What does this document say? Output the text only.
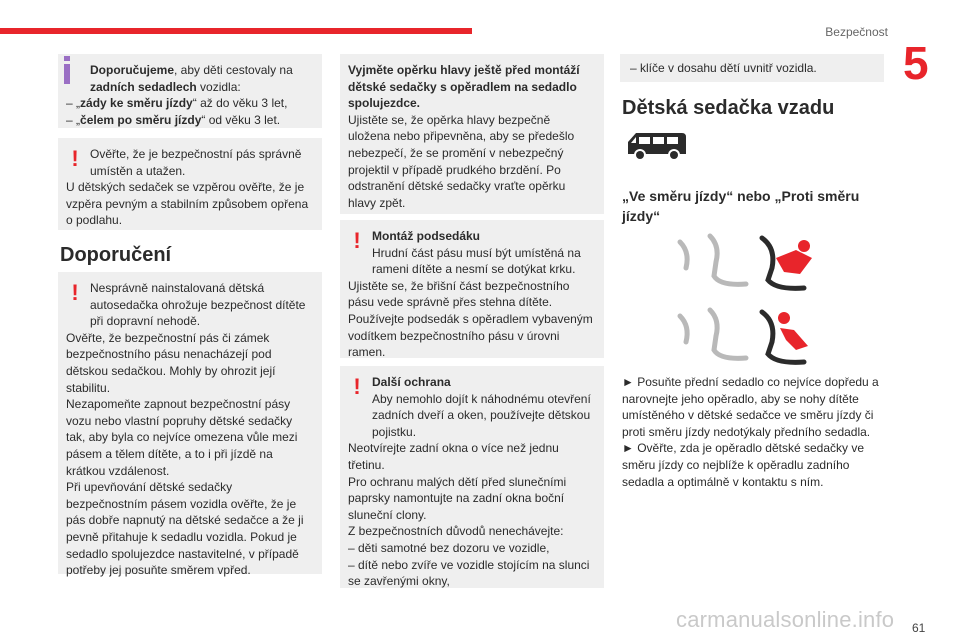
Bezpečnost
5
61
carmanualsonline.info

Doporučujeme, aby děti cestovaly na
zadních sedadlech vozidla:

– „zády ke směru jízdy“ až do věku 3 let,

– „čelem po směru jízdy“ od věku 3 let.

! Ověřte, že je bezpečnostní pás správně umístěn a utažen.

U dětských sedaček se vzpěrou ověřte, že je vzpěra pevným a stabilním způsobem opřena o podlahu.

Doporučení
! Nesprávně nainstalovaná dětská autosedačka ohrožuje bezpečnost dítěte při dopravní nehodě.

Ověřte, že bezpečnostní pás či zámek bezpečnostního pásu nenacházejí pod dětskou sedačkou. Mohly by ohrozit její stabilitu.

Nezapomeňte zapnout bezpečnostní pásy vozu nebo vlastní popruhy dětské sedačky tak, aby byla co nejvíce omezena vůle mezi pásem a tělem dítěte, a to i při jízdě na krátkou vzdálenost.

Při upevňování dětské sedačky bezpečnostním pásem vozidla ověřte, že je pás dobře napnutý na dětské sedačce a že ji pevně přitahuje k sedadlu vozidla. Pokud je sedadlo spolujezdce nastavitelné, v případě potřeby jej posuňte směrem vpřed.

Vyjměte opěrku hlavy ještě před montáží dětské sedačky s opěradlem na sedadlo spolujezdce.

Ujistěte se, že opěrka hlavy bezpečně uložena nebo připevněna, aby se předešlo nebezpečí, že se promění v nebezpečný projektil v případě prudkého brzdění. Po odstranění dětské sedačky vraťte opěrku hlavy zpět.

! Montáž podsedáku

Hrudní část pásu musí být umístěná na rameni dítěte a nesmí se dotýkat krku.

Ujistěte se, že břišní část bezpečnostního pásu vede správně přes stehna dítěte.

Používejte podsedák s opěradlem vybaveným vodítkem bezpečnostního pásu v úrovni ramen.

! Další ochrana

Aby nemohlo dojít k náhodnému otevření zadních dveří a oken, používejte dětskou pojistku.

Neotvírejte zadní okna o více než jednu třetinu.

Pro ochranu malých dětí před slunečními paprsky namontujte na zadní okna boční sluneční clony.

Z bezpečnostních důvodů nenechávejte:

– děti samotné bez dozoru ve vozidle,

– dítě nebo zvíře ve vozidle stojícím na slunci se zavřenými okny,

– klíče v dosahu dětí uvnitř vozidla.

Dětská sedačka vzadu
„Ve směru jízdy“ nebo „Proti směru jízdy“

► Posuňte přední sedadlo co nejvíce dopředu a narovnejte jeho opěradlo, aby se nohy dítěte umístěného v dětské sedačce ve směru jízdy či proti směru jízdy nedotýkaly předního sedadla.

► Ověřte, zda je opěradlo dětské sedačky ve směru jízdy co nejblíže k opěradlu zadního sedadla a optimálně v kontaktu s ním.
